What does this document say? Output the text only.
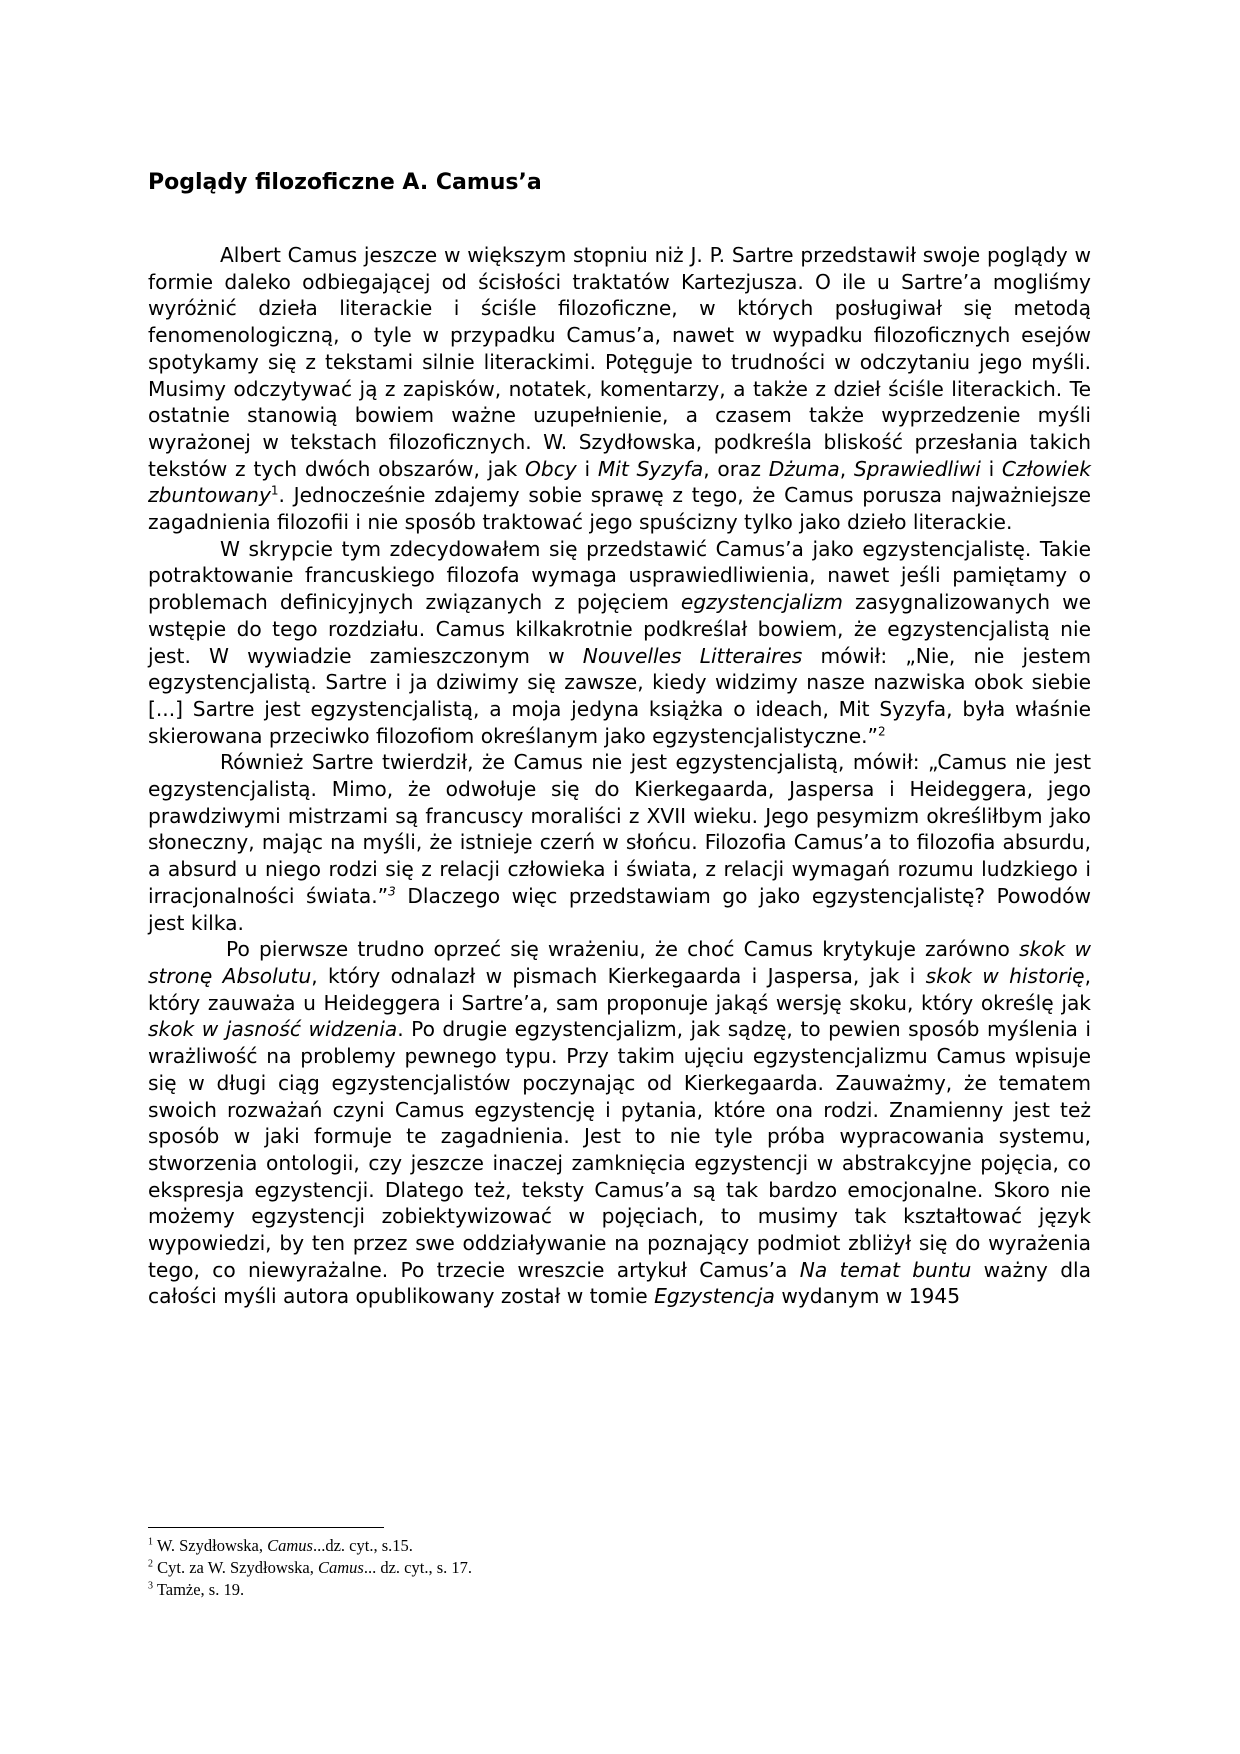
Poglądy filozoficzne A. Camus’a

Albert Camus jeszcze w większym stopniu niż J. P. Sartre przedstawił swoje poglądy w formie daleko odbiegającej od ścisłości traktatów Kartezjusza. O ile u Sartre’a mogliśmy wyróżnić dzieła literackie i ściśle filozoficzne, w których posługiwał się metodą fenomenologiczną, o tyle w przypadku Camus’a, nawet w wypadku filozoficznych esejów spotykamy się z tekstami silnie literackimi. Potęguje to trudności w odczytaniu jego myśli. Musimy odczytywać ją z zapisków, notatek, komentarzy, a także z dzieł ściśle literackich. Te ostatnie stanowią bowiem ważne uzupełnienie, a czasem także wyprzedzenie myśli wyrażonej w tekstach filozoficznych. W. Szydłowska, podkreśla bliskość przesłania takich tekstów z tych dwóch obszarów, jak Obcy i Mit Syzyfa, oraz Dżuma, Sprawiedliwi i Człowiek zbuntowany$^1$. Jednocześnie zdajemy sobie sprawę z tego, że Camus porusza najważniejsze zagadnienia filozofii i nie sposób traktować jego spuścizny tylko jako dzieło literackie.

W skrypcie tym zdecydowałem się przedstawić Camus’a jako egzystencjalistę. Takie potraktowanie francuskiego filozofa wymaga usprawiedliwienia, nawet jeśli pamiętamy o problemach definicyjnych związanych z pojęciem egzystencjalizm zasygnalizowanych we wstępie do tego rozdziału. Camus kilkakrotnie podkreślał bowiem, że egzystencjalistą nie jest. W wywiadzie zamieszczonym w Nouvelles Litteraires mówił: „Nie, nie jestem egzystencjalistą. Sartre i ja dziwimy się zawsze, kiedy widzimy nasze nazwiska obok siebie [...] Sartre jest egzystencjalistą, a moja jedyna książka o ideach, Mit Syzyfa, była właśnie skierowana przeciwko filozofiom określanym jako egzystencjalistyczne.”$^2$

Również Sartre twierdził, że Camus nie jest egzystencjalistą, mówił: „Camus nie jest egzystencjalistą. Mimo, że odwołuje się do Kierkegaarda, Jaspersa i Heideggera, jego prawdziwymi mistrzami są francuscy moraliści z XVII wieku. Jego pesymizm określiłbym jako słoneczny, mając na myśli, że istnieje czerń w słońcu. Filozofia Camus’a to filozofia absurdu, a absurd u niego rodzi się z relacji człowieka i świata, z relacji wymagań rozumu ludzkiego i irracjonalności świata.”$^3$ Dlaczego więc przedstawiam go jako egzystencjalistę? Powodów jest kilka.

Po pierwsze trudno oprzeć się wrażeniu, że choć Camus krytykuje zarówno skok w stronę Absolutu, który odnalazł w pismach Kierkegaarda i Jaspersa, jak i skok w historię, który zauważa u Heideggera i Sartre’a, sam proponuje jakąś wersję skoku, który określę jak skok w jasność widzenia. Po drugie egzystencjalizm, jak sądzę, to pewien sposób myślenia i wrażliwość na problemy pewnego typu. Przy takim ujęciu egzystencjalizmu Camus wpisuje się w długi ciąg egzystencjalistów poczynając od Kierkegaarda. Zauważmy, że tematem swoich rozważań czyni Camus egzystencję i pytania, które ona rodzi. Znamienny jest też sposób w jaki formuje te zagadnienia. Jest to nie tyle próba wypracowania systemu, stworzenia ontologii, czy jeszcze inaczej zamknięcia egzystencji w abstrakcyjne pojęcia, co ekspresja egzystencji. Dlatego też, teksty Camus’a są tak bardzo emocjonalne. Skoro nie możemy egzystencji zobiektywizować w pojęciach, to musimy tak kształtować język wypowiedzi, by ten przez swe oddziaływanie na poznający podmiot zbliżył się do wyrażenia tego, co niewyrażalne. Po trzecie wreszcie artykuł Camus’a Na temat buntu ważny dla całości myśli autora opublikowany został w tomie Egzystencja wydanym w 1945

$^1$ W. Szydłowska, Camus...dz. cyt., s.15.
$^2$ Cyt. za W. Szydłowska, Camus... dz. cyt., s. 17.
$^3$ Tamże, s. 19.
